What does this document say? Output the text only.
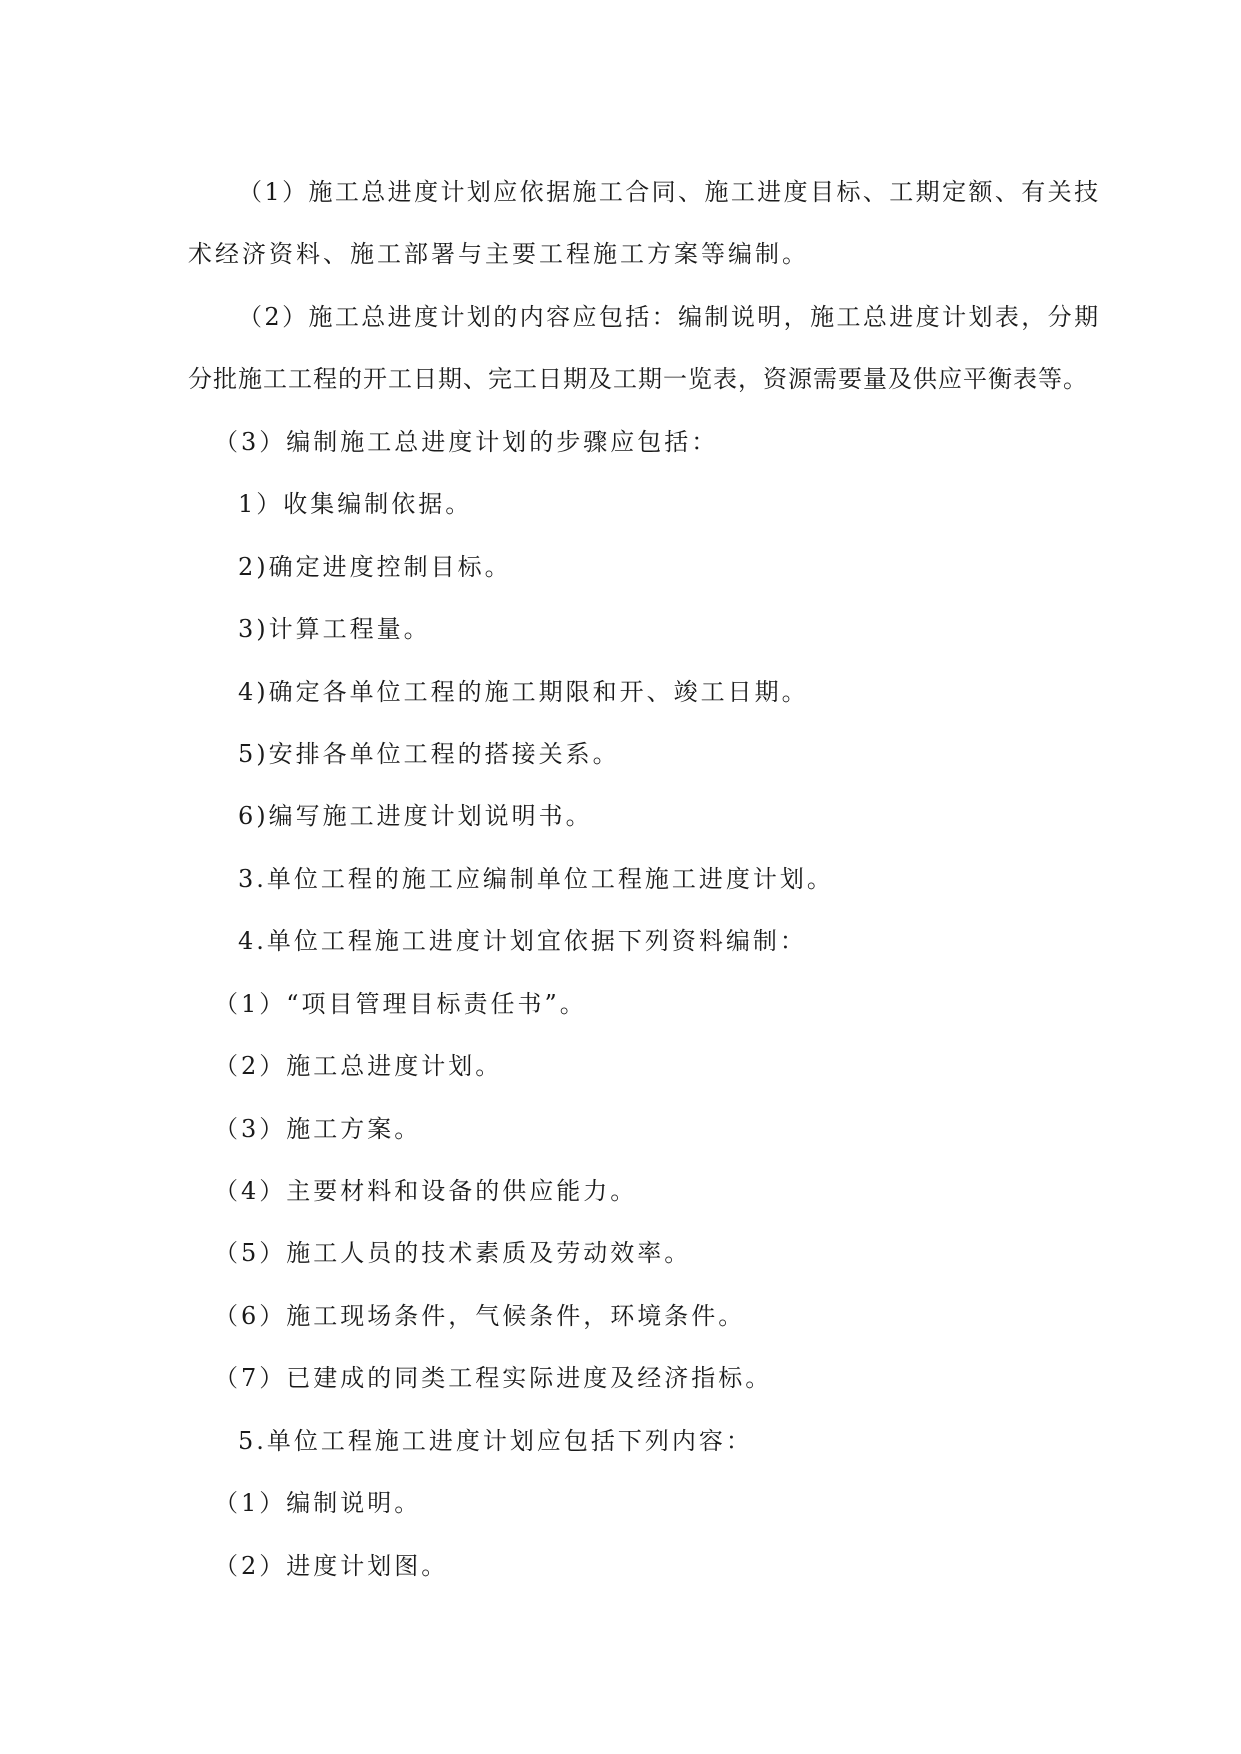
（1）施工总进度计划应依据施工合同、施工进度目标、工期定额、有关技

术经济资料、施工部署与主要工程施工方案等编制。

（2）施工总进度计划的内容应包括：编制说明，施工总进度计划表，分期

分批施工工程的开工日期、完工日期及工期一览表，资源需要量及供应平衡表等。

（3）编制施工总进度计划的步骤应包括：

1）收集编制依据。

2)确定进度控制目标。

3)计算工程量。

4)确定各单位工程的施工期限和开、竣工日期。

5)安排各单位工程的搭接关系。

6)编写施工进度计划说明书。

3.单位工程的施工应编制单位工程施工进度计划。

4.单位工程施工进度计划宜依据下列资料编制：

（1）“项目管理目标责任书”。

（2）施工总进度计划。

（3）施工方案。

（4）主要材料和设备的供应能力。

（5）施工人员的技术素质及劳动效率。

（6）施工现场条件，气候条件，环境条件。

（7）已建成的同类工程实际进度及经济指标。

5.单位工程施工进度计划应包括下列内容：

（1）编制说明。

（2）进度计划图。
